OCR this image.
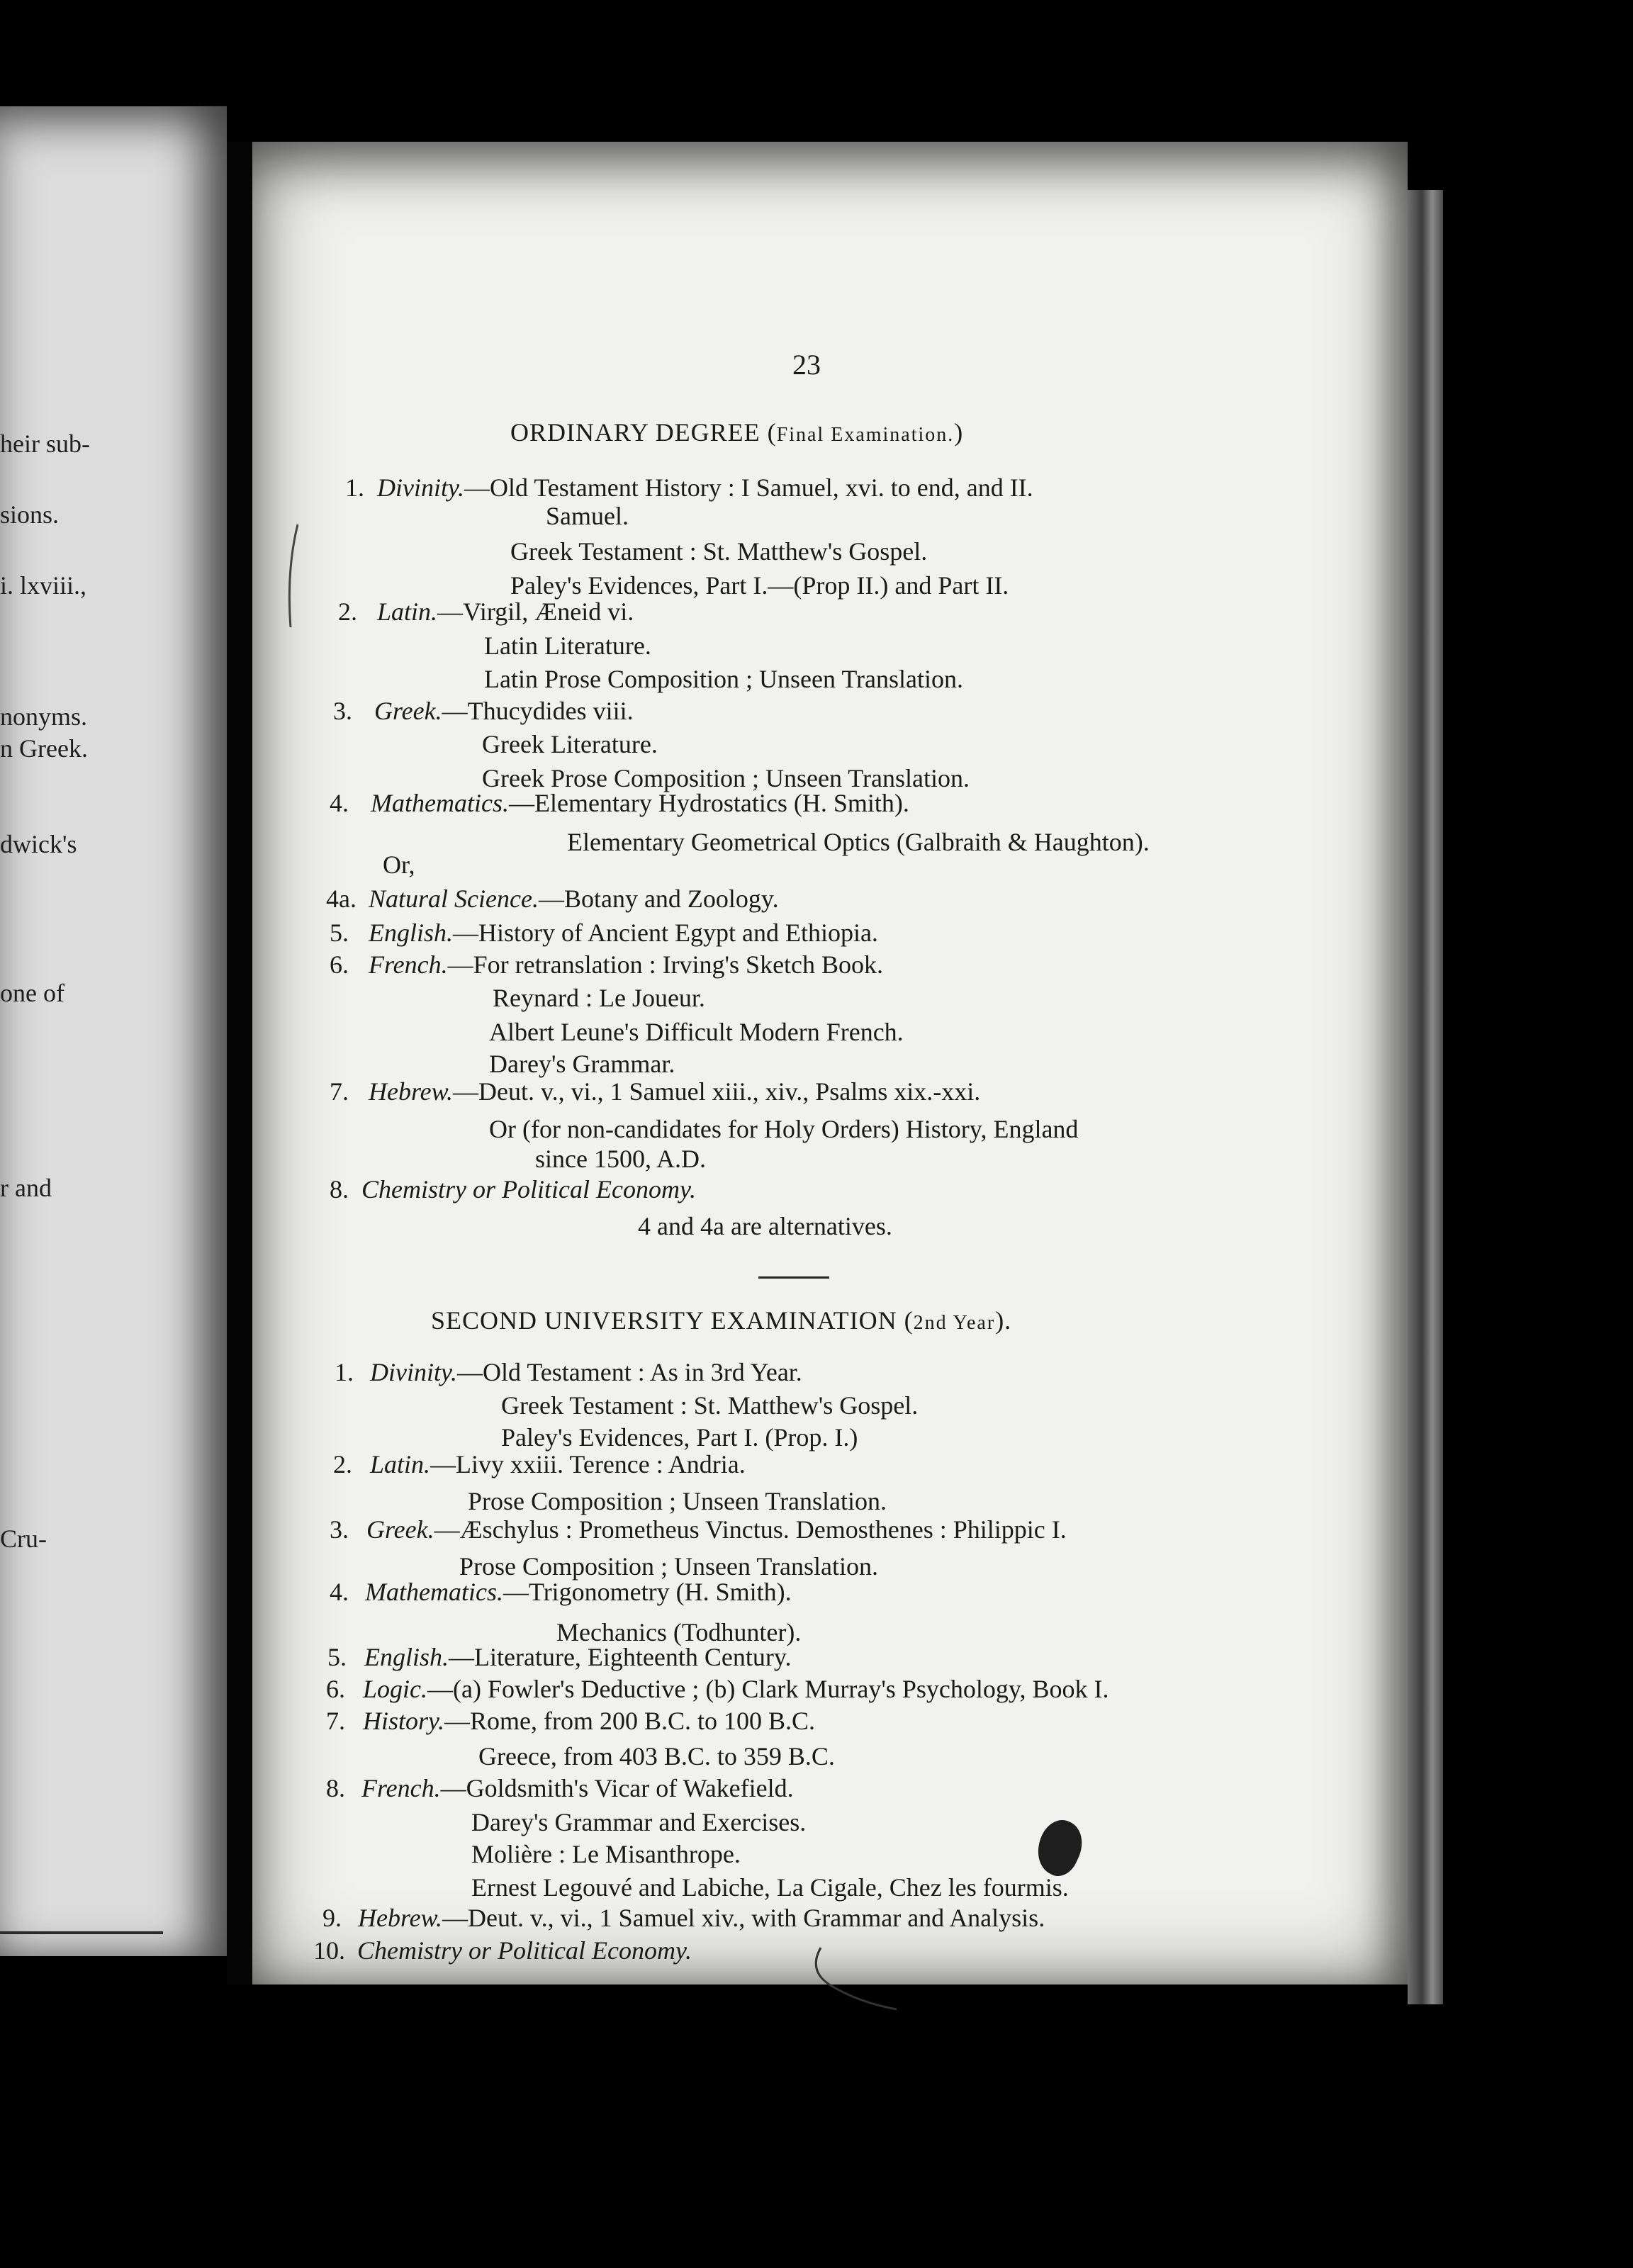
heir sub-
sions.
i. lxviii.,
nonyms.
n Greek.
dwick's
one of
r and
Cru-
23
ORDINARY DEGREE (Final Examination.)
1. Divinity.—Old Testament History : I Samuel, xvi. to end, and II.
Samuel.
Greek Testament : St. Matthew's Gospel.
Paley's Evidences, Part I.—(Prop II.) and Part II.
2. Latin.—Virgil, Æneid vi.
Latin Literature.
Latin Prose Composition ; Unseen Translation.
3. Greek.—Thucydides viii.
Greek Literature.
Greek Prose Composition ; Unseen Translation.
4. Mathematics.—Elementary Hydrostatics (H. Smith).
Elementary Geometrical Optics (Galbraith & Haughton).
Or,
4a. Natural Science.—Botany and Zoology.
5. English.—History of Ancient Egypt and Ethiopia.
6. French.—For retranslation : Irving's Sketch Book.
Reynard : Le Joueur.
Albert Leune's Difficult Modern French.
Darey's Grammar.
7. Hebrew.—Deut. v., vi., 1 Samuel xiii., xiv., Psalms xix.-xxi.
Or (for non-candidates for Holy Orders) History, England
since 1500, A.D.
8. Chemistry or Political Economy.
4 and 4a are alternatives.
SECOND UNIVERSITY EXAMINATION (2nd Year).
1. Divinity.—Old Testament : As in 3rd Year.
Greek Testament : St. Matthew's Gospel.
Paley's Evidences, Part I. (Prop. I.)
2. Latin.—Livy xxiii. Terence : Andria.
Prose Composition ; Unseen Translation.
3. Greek.—Æschylus : Prometheus Vinctus. Demosthenes : Philippic I.
Prose Composition ; Unseen Translation.
4. Mathematics.—Trigonometry (H. Smith).
Mechanics (Todhunter).
5. English.—Literature, Eighteenth Century.
6. Logic.—(a) Fowler's Deductive ; (b) Clark Murray's Psychology, Book I.
7. History.—Rome, from 200 B.C. to 100 B.C.
Greece, from 403 B.C. to 359 B.C.
8. French.—Goldsmith's Vicar of Wakefield.
Darey's Grammar and Exercises.
Molière : Le Misanthrope.
Ernest Legouvé and Labiche, La Cigale, Chez les fourmis.
9. Hebrew.—Deut. v., vi., 1 Samuel xiv., with Grammar and Analysis.
10. Chemistry or Political Economy.
